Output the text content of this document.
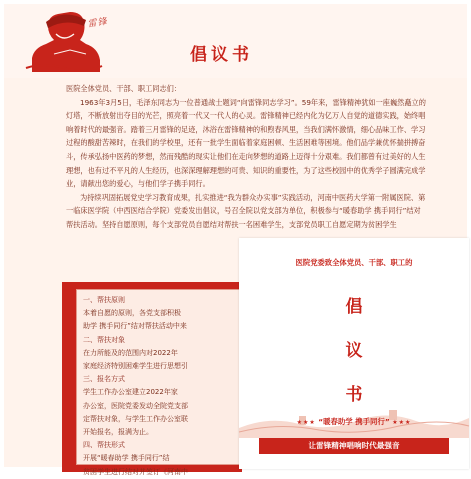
雷锋
倡议书

医院全体党员、干部、职工同志们：

1963年3月5日，毛泽东同志为一位普通战士题词“向雷锋同志学习”。59年来，雷锋精神犹如一座巍然矗立的灯塔，不断放射出夺目的光芒，照亮着一代又一代人的心灵。雷锋精神已经内化为亿万人自觉的道德实践，始终唱响着时代的最强音。踏着三月雷锋的足迹，沐浴在雷锋精神的和煦春风里，当我们满怀激情，细心品味工作、学习过程的酸甜苦辣时，在我们的学校里，还有一批学生面临着家庭困顿、生活困难等困境。他们品学兼优怀揣拼搏奋斗，传承弘扬中医药的梦想，然而残酷的现实让他们在走向梦想的道路上迈得十分艰难。我们都曾有过美好的人生理想，也有过不平凡的人生经历，也深深理解理想的可贵、知识的重要性，为了这些校园中的优秀学子圆满完成学业，请献出您的爱心，与他们学子携手同行。

为持续巩固拓展党史学习教育成果，扎实推进“我为群众办实事”实践活动，河南中医药大学第一附属医院、第一临床医学院（中西医结合学院）党委发出倡议，号召全院以党支部为单位，积极参与“暖春助学 携手同行”结对帮扶活动。坚持自愿原则，每个支部党员自愿结对帮扶一名困难学生，支部党员职工自愿定期为贫困学生

一、帮扶原则
本着自愿的原则，各党支部积极
助学 携手同行”结对帮扶活动中来
二、帮扶对象
在力所能及的范围内对2022年
家庭经济特别困难学生进行思想引
三、报名方式
学生工作办公室建立2022年家
办公室，医院党委发动全院党支部
定帮扶对象，与学生工作办公室联
开始报名，报满为止。
四、帮扶形式
开展“暖春助学 携手同行”结
贫困学生进行结对并签订《河南中
医院党委致全体党员、干部、职工的
倡
议
书
★★★ “暖春助学 携手同行” ★★★
让雷锋精神唱响时代最强音
